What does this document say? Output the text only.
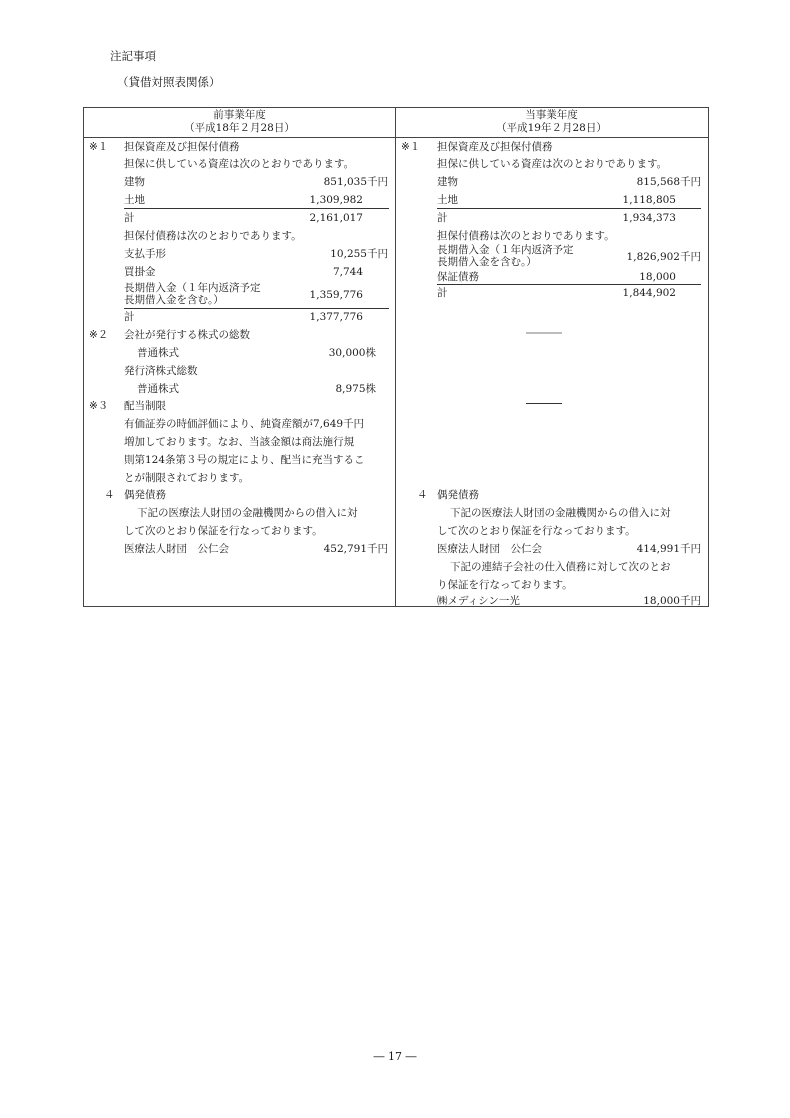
注記事項
（貸借対照表関係）
前事業年度
（平成18年２月28日）
※１ 担保資産及び担保付債務
担保に供している資産は次のとおりであります。
建物	851,035千円
土地	1,309,982
計	2,161,017
担保付債務は次のとおりであります。
支払手形	10,255千円
買掛金	7,744
長期借入金（１年内返済予定
長期借入金を含む。）	1,359,776
計	1,377,776
※２ 会社が発行する株式の総数
普通株式	30,000株
発行済株式総数
普通株式	8,975株
※３ 配当制限
有価証券の時価評価により、純資産額が7,649千円
増加しております。なお、当該金額は商法施行規
則第124条第３号の規定により、配当に充当するこ
とが制限されております。
４ 偶発債務
下記の医療法人財団の金融機関からの借入に対
して次のとおり保証を行なっております。
医療法人財団　公仁会	452,791千円
当事業年度
（平成19年２月28日）
※１ 担保資産及び担保付債務
担保に供している資産は次のとおりであります。
建物	815,568千円
土地	1,118,805
計	1,934,373
担保付債務は次のとおりであります。
長期借入金（１年内返済予定
長期借入金を含む。）	1,826,902千円
保証債務	18,000
計	1,844,902
４ 偶発債務
下記の医療法人財団の金融機関からの借入に対
して次のとおり保証を行なっております。
医療法人財団　公仁会	414,991千円
下記の連結子会社の仕入債務に対して次のとお
り保証を行なっております。
㈱メディシン一光	18,000千円
― 17 ―
